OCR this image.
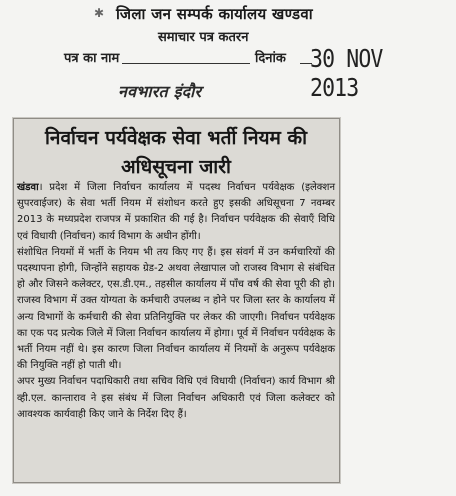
✱ जिला जन सम्पर्क कार्यालय खण्डवा
समाचार पत्र कतरन
पत्र का नाम	दिनांक 30 NOV 2013
नवभारत इंदौर
निर्वाचन पर्यवेक्षक सेवा भर्ती नियम की अधिसूचना जारी

खंडवा। प्रदेश में जिला निर्वाचन कार्यालय में पदस्थ निर्वाचन पर्यवेक्षक (इलेक्शन सुपरवाईजर) के सेवा भर्ती नियम में संशोधन करते हुए इसकी अधिसूचना 7 नवम्बर 2013 के मध्यप्रदेश राजपत्र में प्रकाशित की गई है। निर्वाचन पर्यवेक्षक की सेवाएँ विधि एवं विधायी (निर्वाचन) कार्य विभाग के अधीन होंगी।

संशोधित नियमों में भर्ती के नियम भी तय किए गए हैं। इस संवर्ग में उन कर्मचारियों की पदस्थापना होगी, जिन्होंने सहायक ग्रेड-2 अथवा लेखापाल जो राजस्व विभाग से संबंधित हो और जिसने कलेक्टर, एस.डी.एम., तहसील कार्यालय में पाँच वर्ष की सेवा पूरी की हो। राजस्व विभाग में उक्त योग्यता के कर्मचारी उपलब्ध न होने पर जिला स्तर के कार्यालय में अन्य विभागों के कर्मचारी की सेवा प्रतिनियुक्ति पर लेकर की जाएगी। निर्वाचन पर्यवेक्षक का एक पद प्रत्येक जिले में जिला निर्वाचन कार्यालय में होगा। पूर्व में निर्वाचन पर्यवेक्षक के भर्ती नियम नहीं थे। इस कारण जिला निर्वाचन कार्यालय में नियमों के अनुरूप पर्यवेक्षक की नियुक्ति नहीं हो पाती थी।

अपर मुख्य निर्वाचन पदाधिकारी तथा सचिव विधि एवं विधायी (निर्वाचन) कार्य विभाग श्री व्ही.एल. कान्ताराव ने इस संबंध में जिला निर्वाचन अधिकारी एवं जिला कलेक्टर को आवश्यक कार्यवाही किए जाने के निर्देश दिए हैं।
